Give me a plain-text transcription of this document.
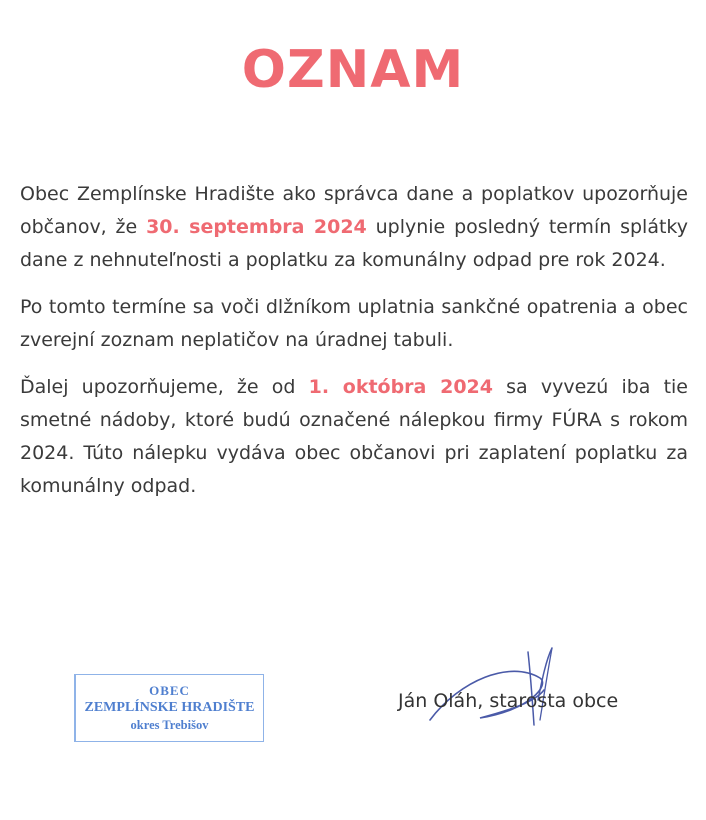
OZNAM

Obec Zemplínske Hradište ako správca dane a poplatkov upozorňuje občanov, že 30. septembra 2024 uplynie posledný termín splátky dane z nehnuteľnosti a poplatku za komunálny odpad pre rok 2024.

Po tomto termíne sa voči dlžníkom uplatnia sankčné opatrenia a obec zverejní zoznam neplatičov na úradnej tabuli.

Ďalej upozorňujeme, že od 1. októbra 2024 sa vyvezú iba tie smetné nádoby, ktoré budú označené nálepkou firmy FÚRA s rokom 2024. Túto nálepku vydáva obec občanovi pri zaplatení poplatku za komunálny odpad.

OBEC
ZEMPLÍNSKE HRADIŠTE
okres Trebišov
Ján Oláh, starosta obce
